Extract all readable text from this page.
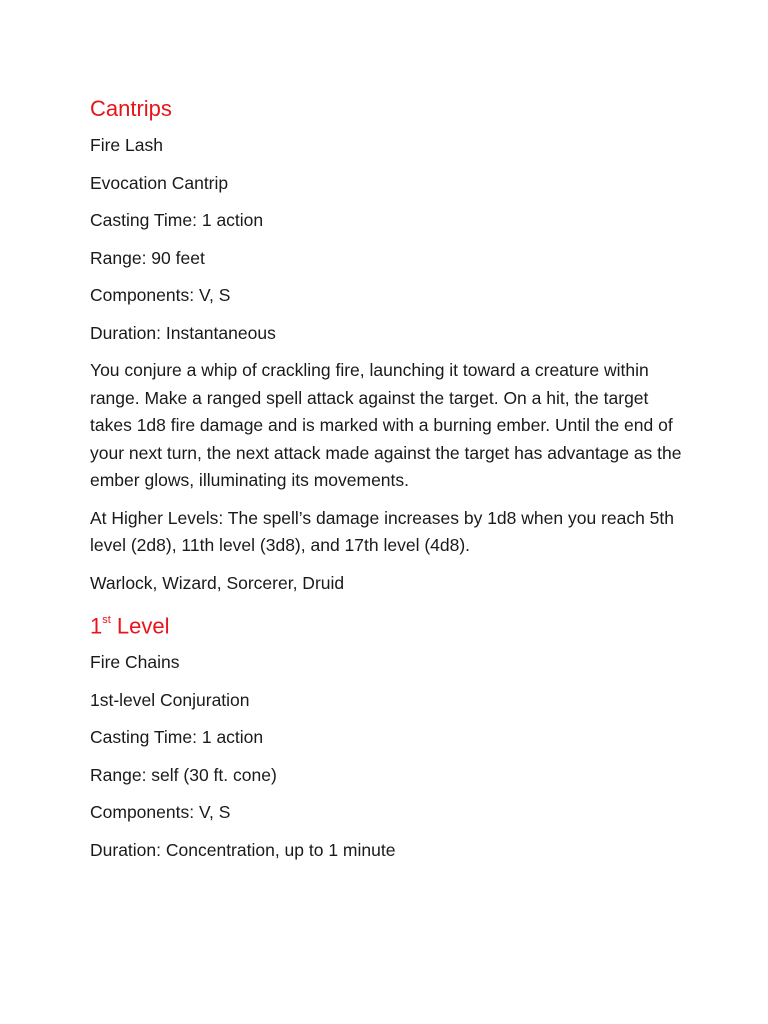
Cantrips

Fire Lash

Evocation Cantrip

Casting Time: 1 action

Range: 90 feet

Components: V, S

Duration: Instantaneous

You conjure a whip of crackling fire, launching it toward a creature within range. Make a ranged spell attack against the target. On a hit, the target takes 1d8 fire damage and is marked with a burning ember. Until the end of your next turn, the next attack made against the target has advantage as the ember glows, illuminating its movements.

At Higher Levels: The spell’s damage increases by 1d8 when you reach 5th level (2d8), 11th level (3d8), and 17th level (4d8).

Warlock, Wizard, Sorcerer, Druid

1st Level

Fire Chains

1st-level Conjuration

Casting Time: 1 action

Range: self (30 ft. cone)

Components: V, S

Duration: Concentration, up to 1 minute
